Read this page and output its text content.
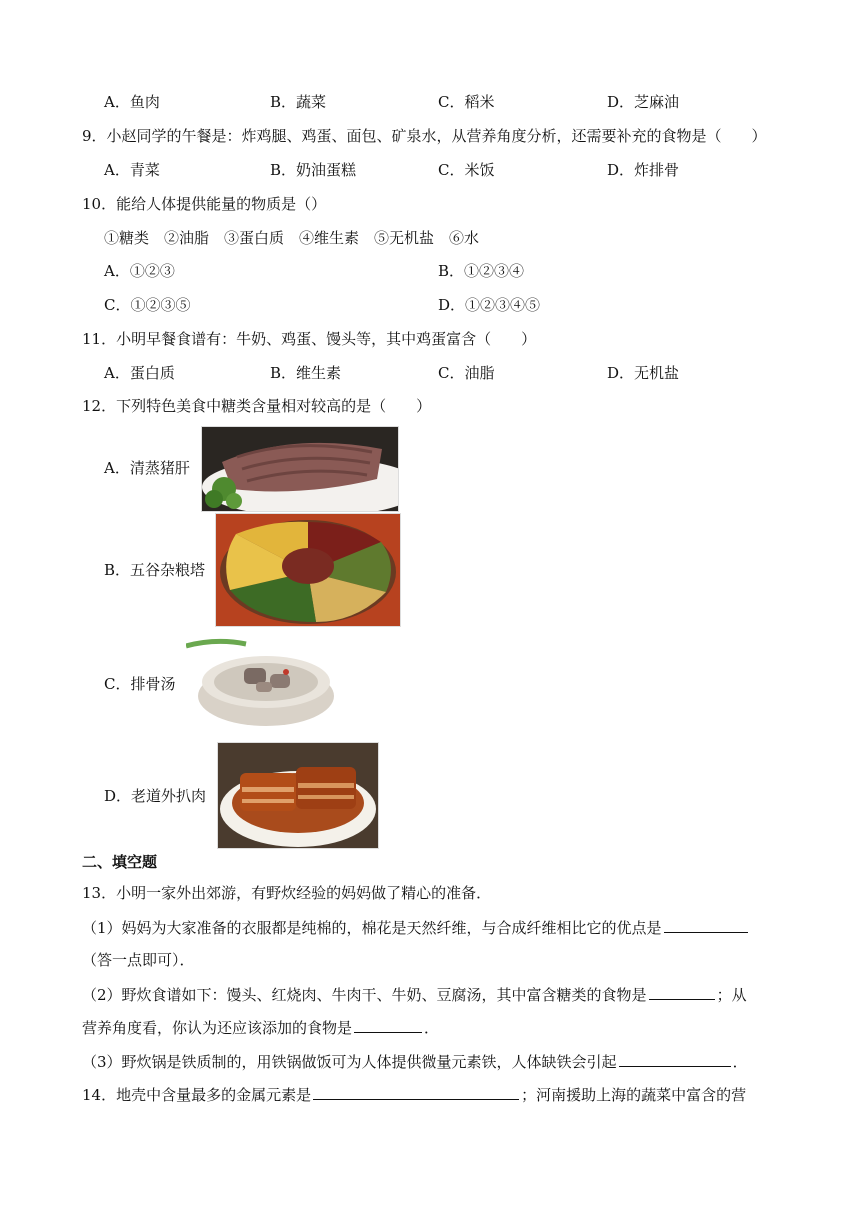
A．鱼肉	B．蔬菜	C．稻米	D．芝麻油
9．小赵同学的午餐是：炸鸡腿、鸡蛋、面包、矿泉水，从营养角度分析，还需要补充的食物是（　　）
A．青菜	B．奶油蛋糕	C．米饭	D．炸排骨
10．能给人体提供能量的物质是（）
①糖类　②油脂　③蛋白质　④维生素　⑤无机盐　⑥水
A．①②③	B．①②③④
C．①②③⑤	D．①②③④⑤
11．小明早餐食谱有：牛奶、鸡蛋、馒头等，其中鸡蛋富含（　　）
A．蛋白质	B．维生素	C．油脂	D．无机盐
12．下列特色美食中糖类含量相对较高的是（　　）
A．清蒸猪肝
B．五谷杂粮塔
C．排骨汤
D．老道外扒肉
二、填空题
13．小明一家外出郊游，有野炊经验的妈妈做了精心的准备．
（1）妈妈为大家准备的衣服都是纯棉的，棉花是天然纤维，与合成纤维相比它的优点是
（答一点即可）．
（2）野炊食谱如下：馒头、红烧肉、牛肉干、牛奶、豆腐汤，其中富含糖类的食物是	；从
营养角度看，你认为还应该添加的食物是	．
（3）野炊锅是铁质制的，用铁锅做饭可为人体提供微量元素铁，人体缺铁会引起	．
14．地壳中含量最多的金属元素是	；河南援助上海的蔬菜中富含的营
